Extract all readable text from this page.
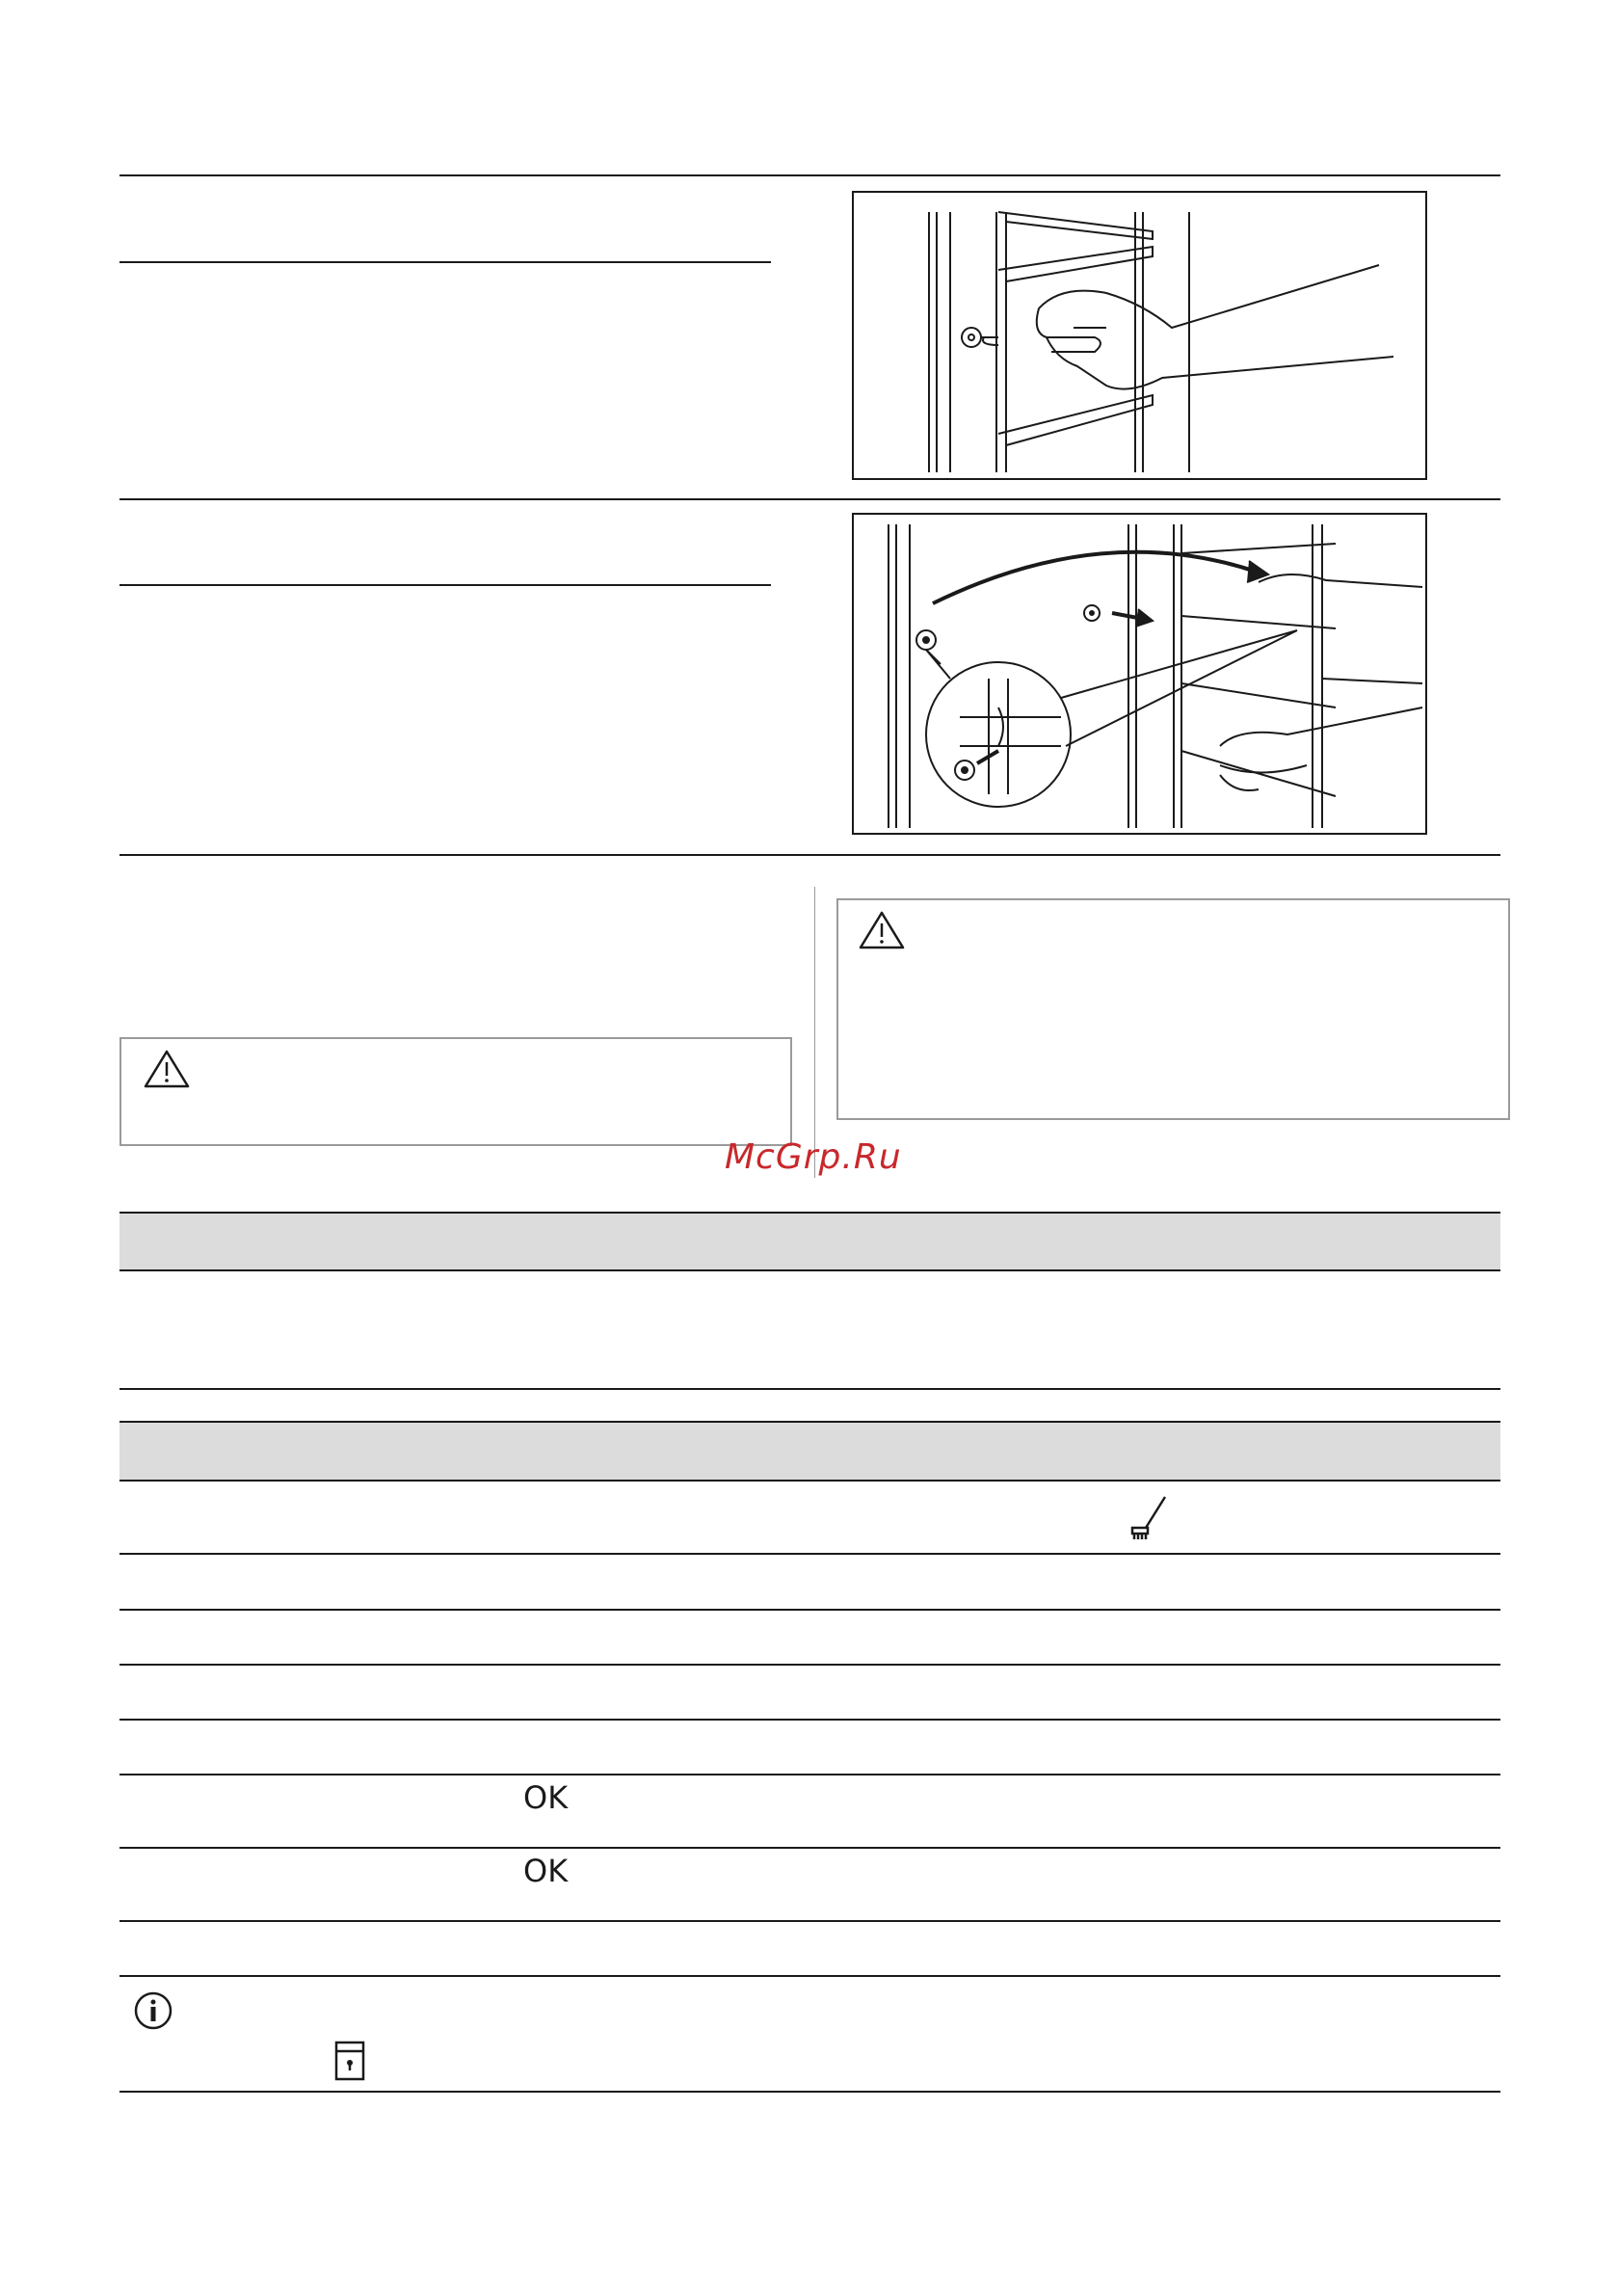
McGrp.Ru
OK
OK
